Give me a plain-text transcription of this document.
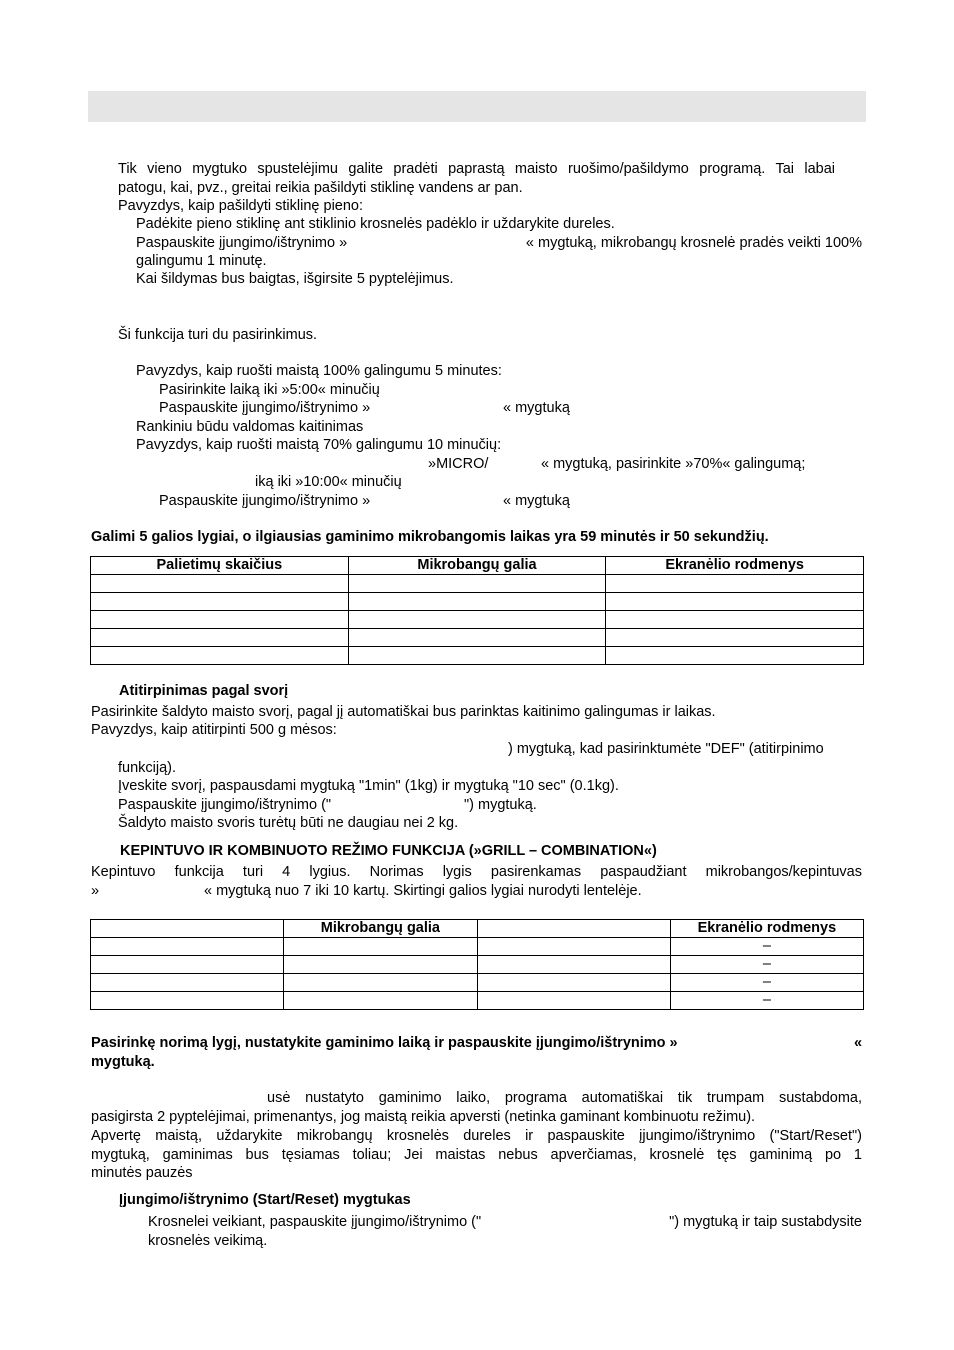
Tik vieno mygtuko spustelėjimu galite pradėti paprastą maisto ruošimo/pašildymo programą. Tai labai
patogu, kai, pvz., greitai reikia pašildyti stiklinę vandens ar pan.
Pavyzdys, kaip pašildyti stiklinę pieno:
Padėkite pieno stiklinę ant stiklinio krosnelės padėklo ir uždarykite dureles.
Paspauskite įjungimo/ištrynimo »	« mygtuką, mikrobangų krosnelė pradės veikti 100%
galingumu 1 minutę.
Kai šildymas bus baigtas, išgirsite 5 pyptelėjimus.
Ši funkcija turi du pasirinkimus.
Pavyzdys, kaip ruošti maistą 100% galingumu 5 minutes:
Pasirinkite laiką iki »5:00« minučių
Paspauskite įjungimo/ištrynimo »	« mygtuką
Rankiniu būdu valdomas kaitinimas
Pavyzdys, kaip ruošti maistą 70% galingumu 10 minučių:
»MICRO/	« mygtuką, pasirinkite »70%« galingumą;
iką iki »10:00« minučių
Paspauskite įjungimo/ištrynimo »	« mygtuką
Galimi 5 galios lygiai, o ilgiausias gaminimo mikrobangomis laikas yra 59 minutės ir 50 sekundžių.
Palietimų skaičius	Mikrobangų galia	Ekranėlio rodmenys

Atitirpinimas pagal svorį
Pasirinkite šaldyto maisto svorį, pagal jį automatiškai bus parinktas kaitinimo galingumas ir laikas.
Pavyzdys, kaip atitirpinti 500 g mėsos:
) mygtuką, kad pasirinktumėte "DEF" (atitirpinimo
funkciją).
Įveskite svorį, paspausdami mygtuką "1min" (1kg) ir mygtuką "10 sec" (0.1kg).
Paspauskite įjungimo/ištrynimo ("	") mygtuką.
Šaldyto maisto svoris turėtų būti ne daugiau nei 2 kg.
KEPINTUVO IR KOMBINUOTO REŽIMO FUNKCIJA (»GRILL – COMBINATION«)
Kepintuvo funkcija turi 4 lygius. Norimas lygis pasirenkamas paspaudžiant mikrobangos/kepintuvas
»	« mygtuką nuo 7 iki 10 kartų. Skirtingi galios lygiai nurodyti lentelėje.
	Mikrobangų galia		Ekranėlio rodmenys
			–
			–
			–
			–
Pasirinkę norimą lygį, nustatykite gaminimo laiką ir paspauskite įjungimo/ištrynimo »	«
mygtuką.
usė nustatyto gaminimo laiko, programa automatiškai tik trumpam sustabdoma,
pasigirsta 2 pyptelėjimai, primenantys, jog maistą reikia apversti (netinka gaminant kombinuotu režimu).
Apvertę maistą, uždarykite mikrobangų krosnelės dureles ir paspauskite įjungimo/ištrynimo ("Start/Reset")
mygtuką, gaminimas bus tęsiamas toliau; Jei maistas nebus apverčiamas, krosnelė tęs gaminimą po 1
minutės pauzės
Įjungimo/ištrynimo (Start/Reset) mygtukas
Krosnelei veikiant, paspauskite įjungimo/ištrynimo ("	") mygtuką ir taip sustabdysite
krosnelės veikimą.
